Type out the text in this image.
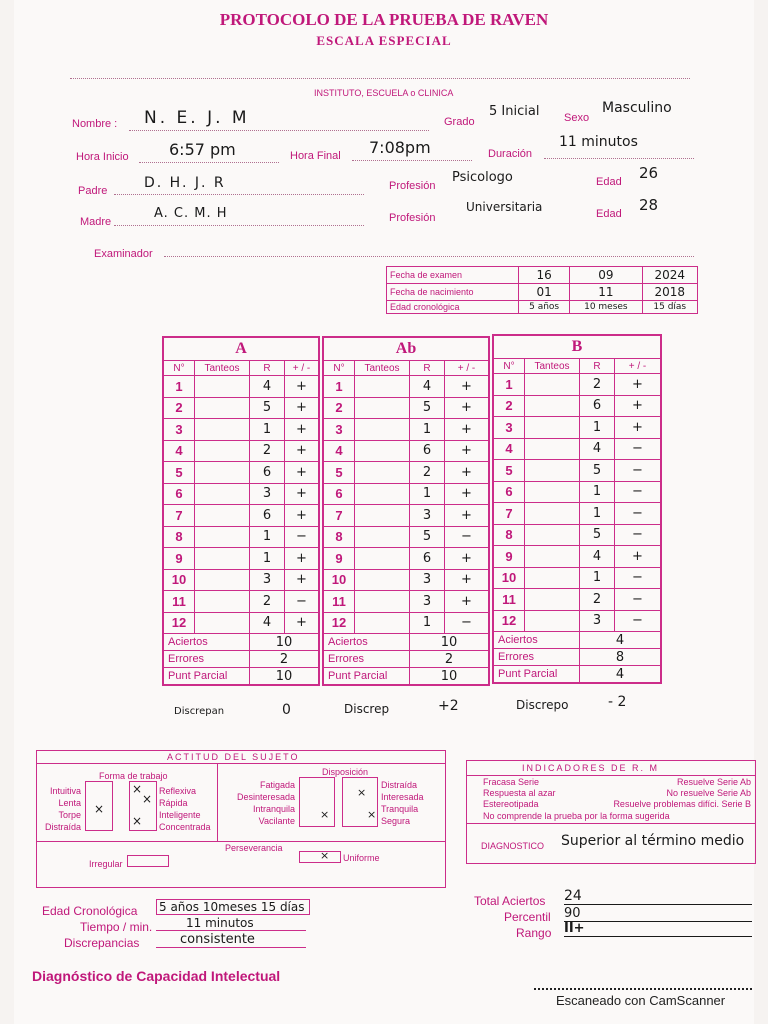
PROTOCOLO DE LA PRUEBA DE RAVEN
ESCALA ESPECIAL
INSTITUTO, ESCUELA o CLINICA
Nombre : N. E. J. M	Grado
5 Inicial Sexo
Masculino
Hora Inicio	6:57 pm	Hora Final 7:08pm	Duración
11 minutos
Padre	D. H. J. R	Profesión
Psicologo	Edad 26
Madre
A. C. M. H	Profesión
Universitaria	Edad 28
Examinador
Fecha de examen	16	09	2024
Fecha de nacimiento	01	11	2018
Edad cronológica	5 años	10 meses	15 días
A			
N°	Tanteos	R	+ / -
1		4	+
2		5	+
3		1	+
4		2	+
5		6	+
6		3	+
7		6	+
8		1	−
9		1	+
10		3	+
11		2	−
12		4	+
Aciertos		10	
Errores		2	
Punt Parcial		10	
Ab			
N°	Tanteos	R	+ / -
1		4	+
2		5	+
3		1	+
4		6	+
5		2	+
6		1	+
7		3	+
8		5	−
9		6	+
10		3	+
11		3	+
12		1	−
Aciertos		10	
Errores		2	
Punt Parcial		10	
B			
N°	Tanteos	R	+ / -
1		2	+
2		6	+
3		1	+
4		4	−
5		5	−
6		1	−
7		1	−
8		5	−
9		4	+
10		1	−
11		2	−
12		3	−
Aciertos		4	
Errores		8	
Punt Parcial		4	
Discrepan	0	Discrep	+2	Discrepo	- 2
ACTITUD DEL SUJETO
Forma de trabajo
Intuitiva
Lenta
Torpe
Distraída
×
×
×
×
Reflexiva
Rápida
Inteligente
Concentrada
Disposición
Fatigada
Desinteresada
Intranquila
Vacilante ×
×
×
Distraída
Interesada
Tranquila
Segura
Perseverancia
Irregular
× Uniforme
INDICADORES DE R. M
Fracasa Serie
Respuesta al azar
Estereotipada
Resuelve Serie Ab
No resuelve Serie Ab
Resuelve problemas difíci. Serie B
No comprende la prueba por la forma sugerida
DIAGNOSTICO Superior al término medio
Edad Cronológica 5 años 10meses 15 días
Tiempo / min.	11 minutos
Discrepancias	consistente
Total Aciertos 24
Percentil 90
Rango II+
Diagnóstico de Capacidad Intelectual
Escaneado con CamScanner
